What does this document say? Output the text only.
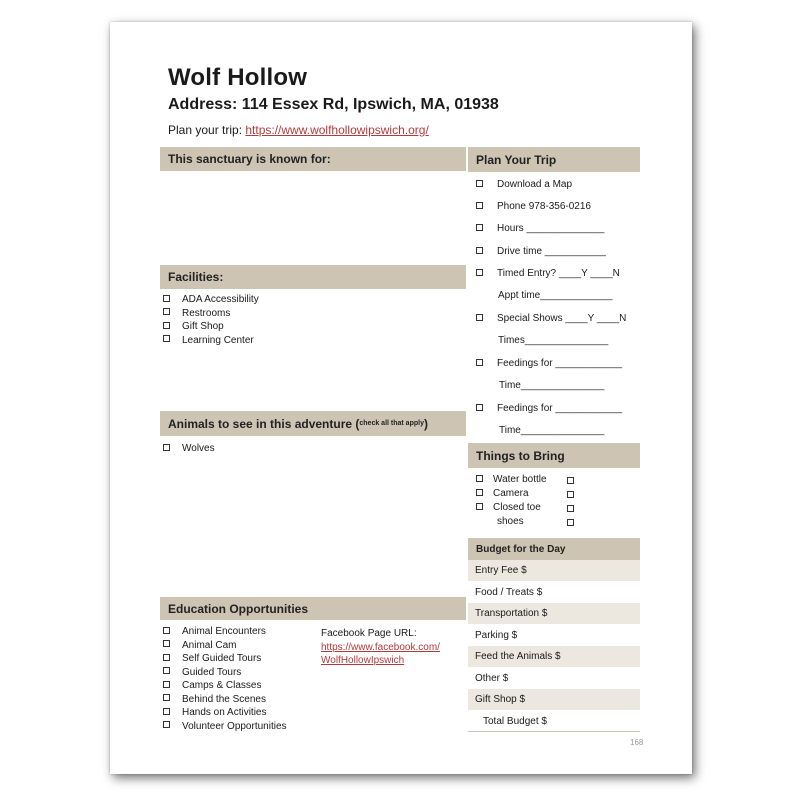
Wolf Hollow
Address: 114 Essex Rd, Ipswich, MA, 01938
Plan your trip: https://www.wolfhollowipswich.org/
This sanctuary is known for:
Facilities:
ADA Accessibility
Restrooms
Gift Shop
Learning Center
Animals to see in this adventure ( check all that apply )
Wolves
Education Opportunities
Animal Encounters
Animal Cam
Self Guided Tours
Guided Tours
Camps & Classes
Behind the Scenes
Hands on Activities
Volunteer Opportunities
Facebook Page URL:
https://www.facebook.com/
WolfHollowIpswich
Plan Your Trip
Download a Map
Phone 978-356-0216
Hours ______________
Drive time ___________
Timed Entry? ____Y ____N
Appt time_____________
Special Shows ____Y ____N
Times_______________
Feedings for ____________
Time_______________
Feedings for ____________
Time_______________
Things to Bring
Water bottle
Camera
Closed toe
shoes
Budget for the Day
Entry Fee $
Food / Treats $
Transportation $
Parking $
Feed the Animals $
Other $
Gift Shop $
Total Budget $
168
